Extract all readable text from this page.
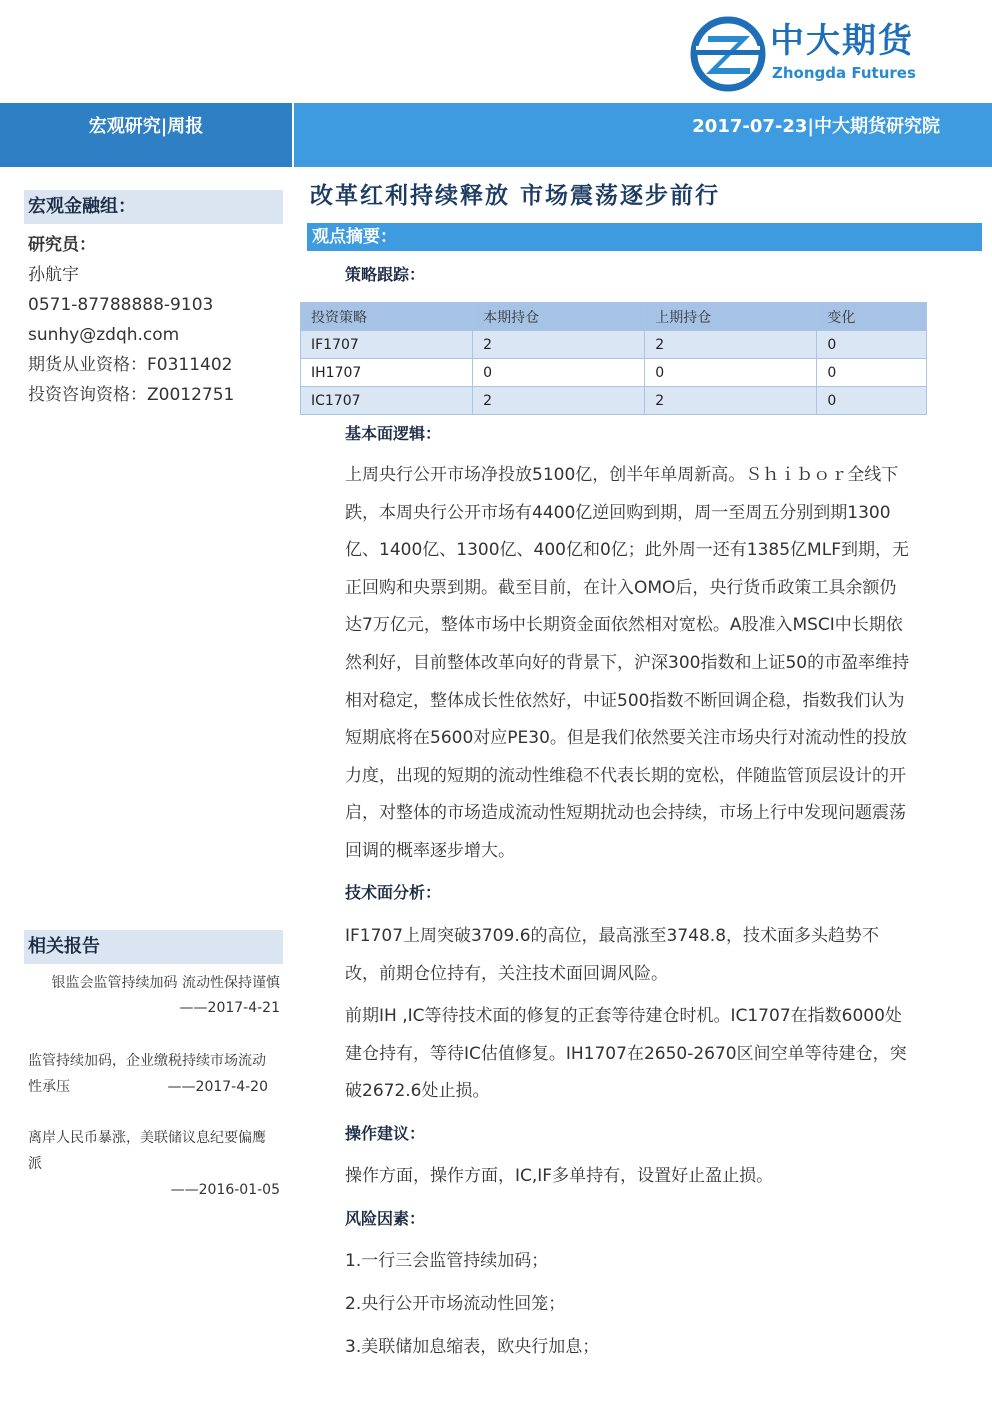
中大期货
Zhongda Futures
宏观研究|周报	2017-07-23|中大期货研究院
宏观金融组：
研究员：
孙航宇
0571-87788888-9103
sunhy@zdqh.com
期货从业资格：F0311402
投资咨询资格：Z0012751
相关报告
银监会监管持续加码 流动性保持谨慎
——2017-4-21
监管持续加码，企业缴税持续市场流动
性承压	——2017-4-20
离岸人民币暴涨，美联储议息纪要偏鹰
派
——2016-01-05
改革红利持续释放 市场震荡逐步前行
观点摘要：
策略跟踪：
投资策略	本期持仓	上期持仓	变化
IF1707	2	2	0
IH1707	0	0	0
IC1707	2	2	0
基本面逻辑：
上周央行公开市场净投放5100亿，创半年单周新高。Ｓｈｉｂｏｒ全线下跌，本周央行公开市场有4400亿逆回购到期，周一至周五分别到期1300亿、1400亿、1300亿、400亿和0亿；此外周一还有1385亿MLF到期，无正回购和央票到期。截至目前，在计入OMO后，央行货币政策工具余额仍达7万亿元，整体市场中长期资金面依然相对宽松。A股准入MSCI中长期依然利好，目前整体改革向好的背景下，沪深300指数和上证50的市盈率维持相对稳定，整体成长性依然好，中证500指数不断回调企稳，指数我们认为短期底将在5600对应PE30。但是我们依然要关注市场央行对流动性的投放力度，出现的短期的流动性维稳不代表长期的宽松，伴随监管顶层设计的开启，对整体的市场造成流动性短期扰动也会持续，市场上行中发现问题震荡回调的概率逐步增大。
技术面分析：
IF1707上周突破3709.6的高位，最高涨至3748.8，技术面多头趋势不改，前期仓位持有，关注技术面回调风险。
前期IH ,IC等待技术面的修复的正套等待建仓时机。IC1707在指数6000处建仓持有，等待IC估值修复。IH1707在2650-2670区间空单等待建仓，突破2672.6处止损。
操作建议：
操作方面，操作方面，IC,IF多单持有，设置好止盈止损。
风险因素：
1.一行三会监管持续加码；
2.央行公开市场流动性回笼；
3.美联储加息缩表，欧央行加息；
